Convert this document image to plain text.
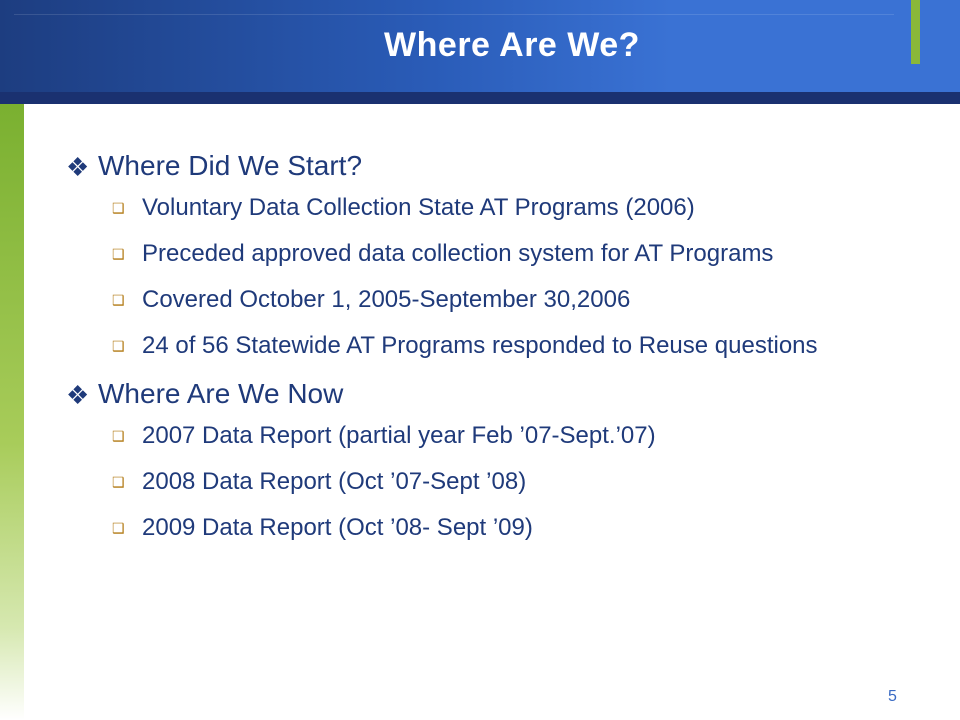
Where Are We?
❖ Where Did We Start?
❑ Voluntary Data Collection State AT Programs (2006)
❑ Preceded approved data collection system for AT Programs
❑ Covered October 1, 2005-September 30,2006
❑ 24 of 56 Statewide AT Programs responded to Reuse questions
❖ Where Are We Now
❑ 2007 Data Report (partial year Feb ’07-Sept.’07)
❑ 2008 Data Report (Oct ’07-Sept ’08)
❑ 2009 Data Report (Oct ’08- Sept ’09)
5
